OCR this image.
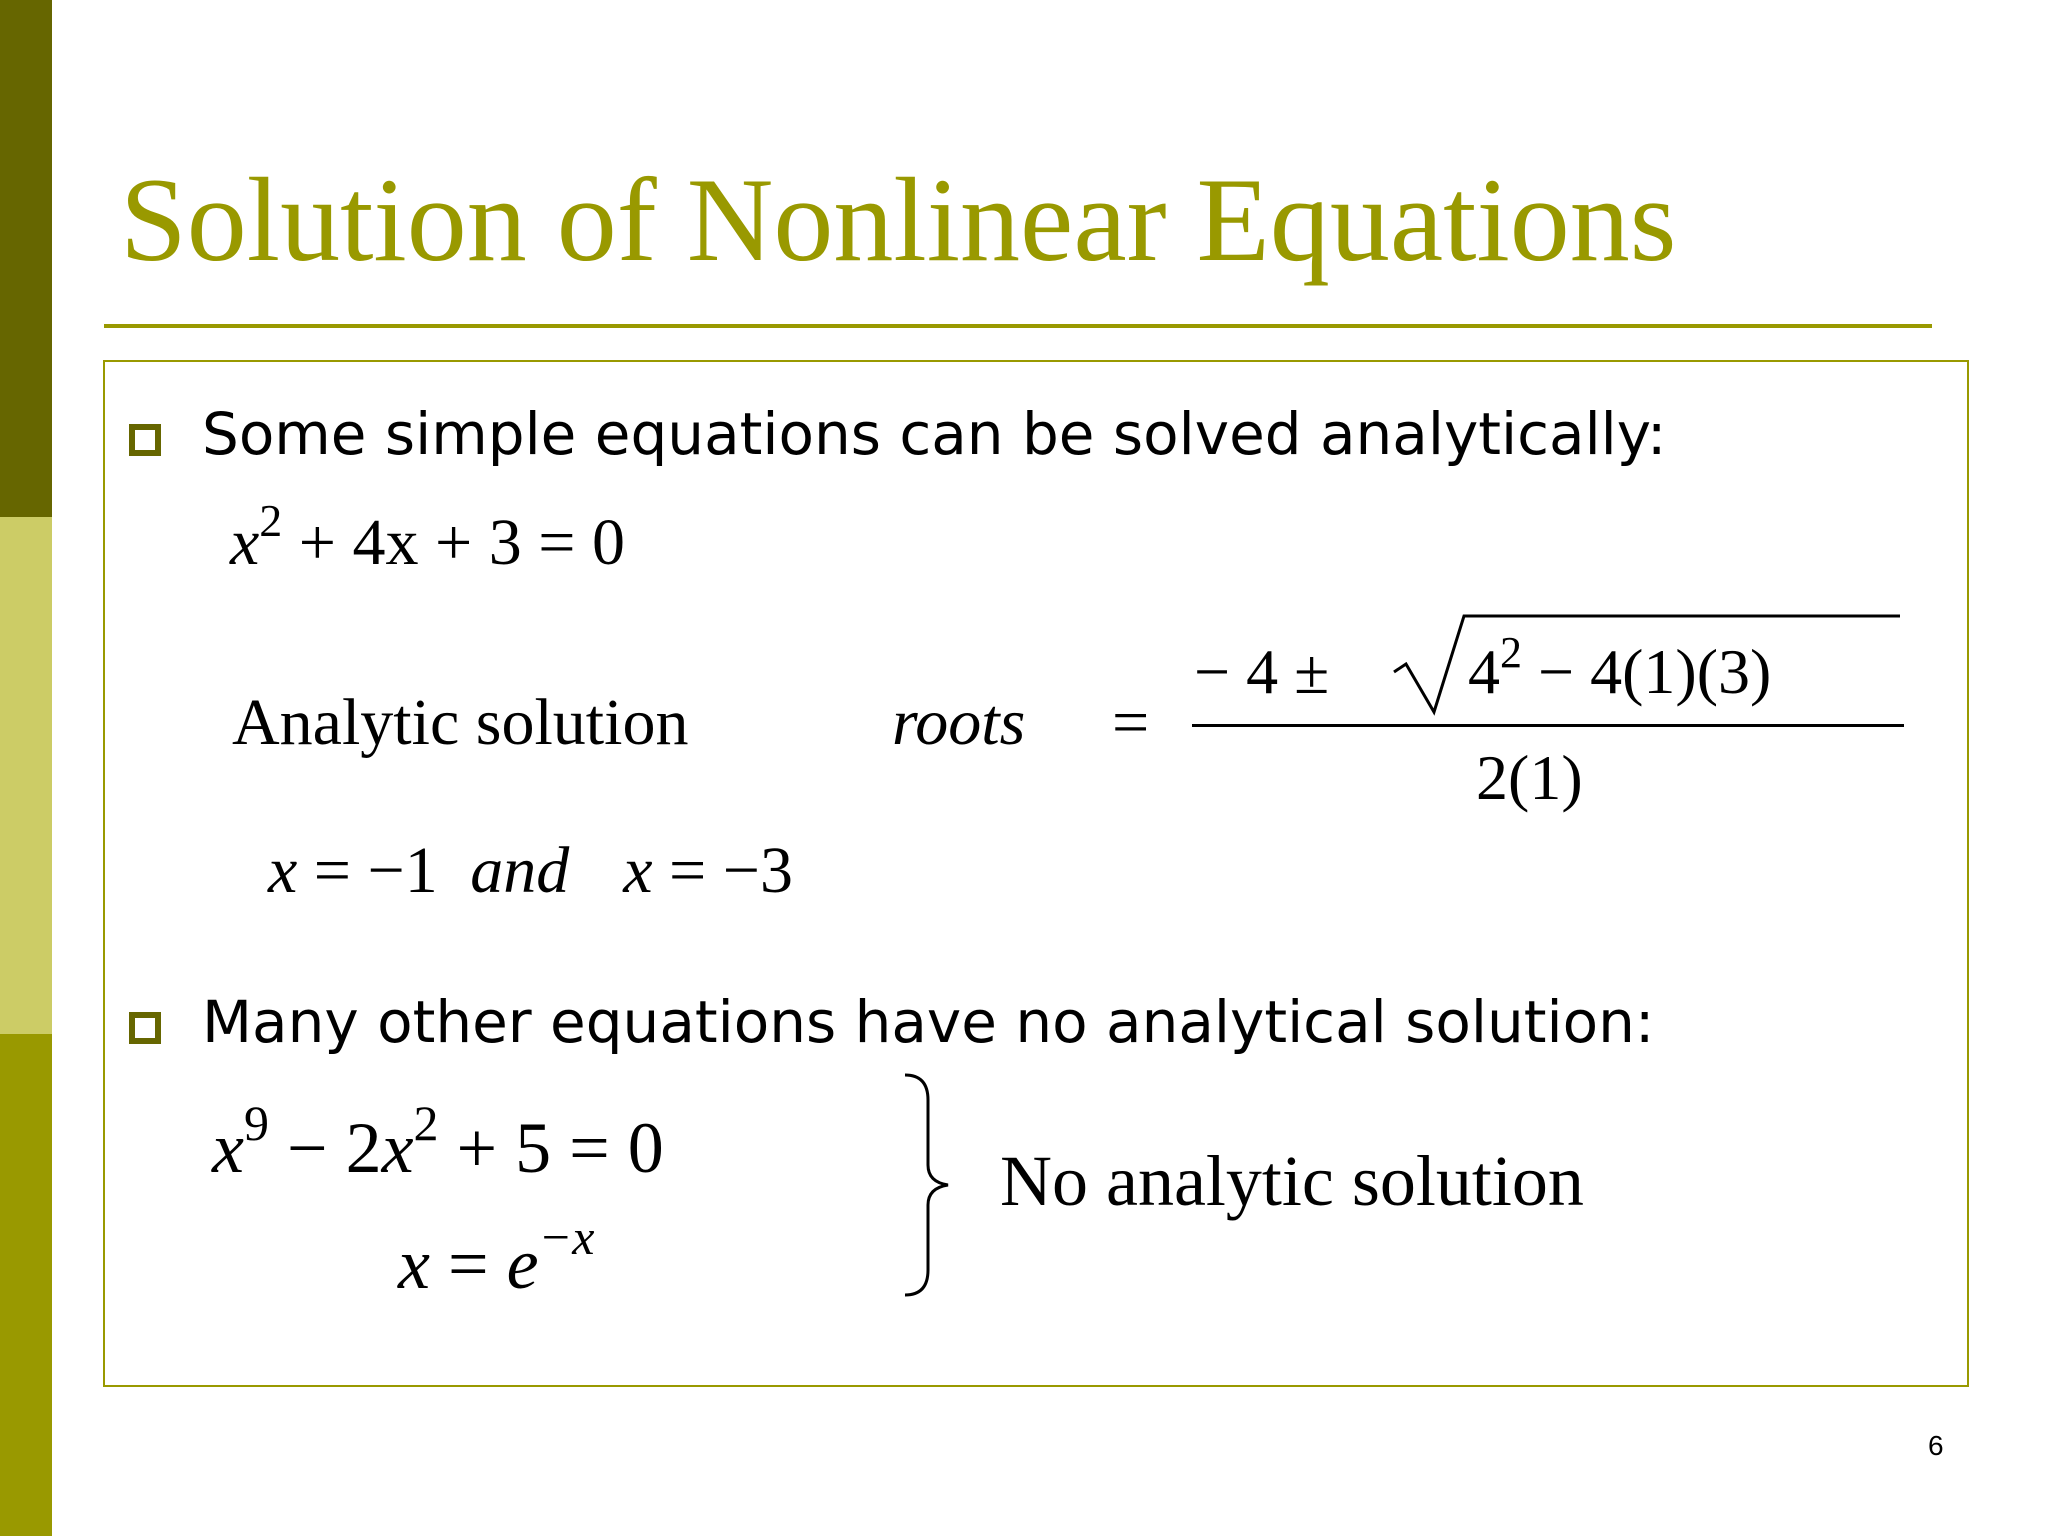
Solution of Nonlinear Equations
Some simple equations can be solved analytically:
$x^2 + 4x + 3 = 0$
Analytic solution	roots =
− $4 \pm 4^2 - 4(1)(3)$
2(1)
x = −1 and x = −3
Many other equations have no analytical solution:
$x^9 - 2x^2 + 5 = 0$
$x = e^{-x}$
No analytic solution
6
